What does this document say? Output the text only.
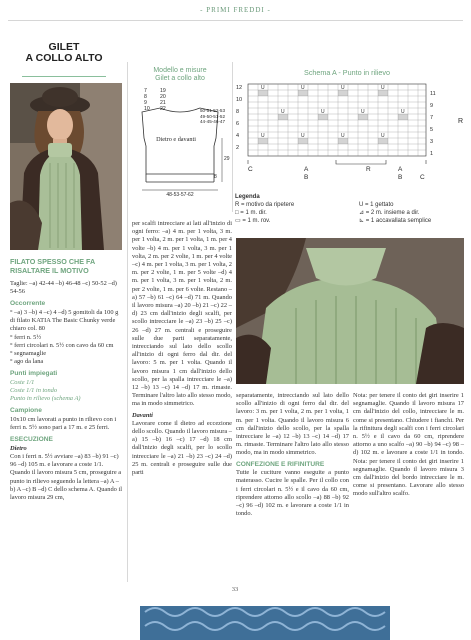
- PRIMI FREDDI -
GILET
A COLLO ALTO
FILATO SPESSO CHE FA RISALTARE IL MOTIVO

Taglie: –a) 42-44 –b) 46-48 –c) 50-52 –d) 54-56

Occorrente

° –a) 3 –b) 4 –c) 4 –d) 5 gomitoli da 100 g di filato KATIA The Basic Chunky verde chiaro col. 80

° ferri n. 5½

° ferri circolari n. 5½ con cavo da 60 cm

° segnamaglie

° ago da lana

Punti impiegati

Coste 1/1

Coste 1/1 in tondo

Punto in rilievo (schema A)

Campione

10x10 cm lavorati a punto in rilievo con i ferri n. 5½ sono pari a 17 m. e 25 ferri.

ESECUZIONE

Dietro

Con i ferri n. 5½ avviare –a) 83 –b) 91 –c) 96 –d) 105 m. e lavorare a coste 1/1. Quando il lavoro misura 5 cm, proseguire a punto in rilievo seguendo la lettera –a) A –b) A –c) B –d) C dello schema A. Quando il lavoro misura 29 cm,

Modello e misure
Gilet a collo alto
7
8
9
10
19
20
21
22	50-51-52-53
49-50-51-52
44-45-46-47
Dietro e davanti
29
8
48-53-57-62
Schema A - Punto in rilievo
U	U	U	U
U	U	U	U
U	U	U	U
12
10
8
6
4
2
11
9
7
5
3
1
R
C	A
B
R	A
B	C
Legenda
R = motivo da ripetere
□ = 1 m. dir.
▭ = 1 m. rov.
U = 1 gettato
⊿ = 2 m. insieme a dir.
⊾ = 1 accavallata semplice

per scalfi intrecciare ai lati all'inizio di ogni ferro: –a) 4 m. per 1 volta, 3 m. per 1 volta, 2 m. per 1 volta, 1 m. per 4 volte –b) 4 m. per 1 volta, 3 m. per 1 volta, 2 m. per 2 volte, 1 m. per 4 volte –c) 4 m. per 1 volta, 3 m. per 1 volta, 2 m. per 2 volte, 1 m. per 5 volte –d) 4 m. per 1 volta, 3 m. per 1 volta, 2 m. per 2 volte, 1 m. per 6 volte. Restano –a) 57 –b) 61 –c) 64 –d) 71 m. Quando il lavoro misura –a) 20 –b) 21 –c) 22 –d) 23 cm dall'inizio degli scalfi, per scollo intrecciare le –a) 23 –b) 25 –c) 26 –d) 27 m. centrali e proseguire sulle due parti separatamente, intrecciando sul lato dello scollo all'inizio di ogni ferro dal dir. del lavoro: 5 m. per 1 volta. Quando il lavoro misura 1 cm dall'inizio dello scollo, per la spalla intrecciare le –a) 12 –b) 13 –c) 14 –d) 17 m. rimaste. Terminare l'altro lato allo stesso modo, ma in modo simmetrico.

Davanti

Lavorare come il dietro ad eccezione dello scollo. Quando il lavoro misura –a) 15 –b) 16 –c) 17 –d) 18 cm dall'inizio degli scalfi, per lo scollo intrecciare le –a) 21 –b) 23 –c) 24 –d) 25 m. centrali e proseguire sulle due parti

separatamente, intrecciando sul lato dello scollo all'inizio di ogni ferro dal dir. del lavoro: 3 m. per 1 volta, 2 m. per 1 volta, 1 m. per 1 volta. Quando il lavoro misura 6 cm dall'inizio dello scollo, per la spalla intrecciare le –a) 12 –b) 13 –c) 14 –d) 17 m. rimaste. Terminare l'altro lato allo stesso modo, ma in modo simmetrico.

CONFEZIONE E RIFINITURE

Tutte le cuciture vanno eseguite a punto materasso. Cucire le spalle. Per il collo con i ferri circolari n. 5½ e il cavo da 60 cm, riprendere attorno allo scollo –a) 88 –b) 92 –c) 96 –d) 102 m. e lavorare a coste 1/1 in tondo.

Nota: per tenere il conto dei giri inserire 1 segnamaglie. Quando il lavoro misura 17 cm dall'inizio del collo, intrecciare le m. come si presentano. Chiudere i fianchi. Per la rifinitura degli scalfi con i ferri circolari n. 5½ e il cavo da 60 cm, riprendere attorno a uno scalfo –a) 90 –b) 94 –c) 98 –d) 102 m. e lavorare a coste 1/1 in tondo. Nota: per tenere il conto dei giri inserire 1 segnamaglie. Quando il lavoro misura 3 cm dall'inizio del bordo intrecciare le m. come si presentano. Lavorare allo stesso modo sull'altro scalfo.

33
